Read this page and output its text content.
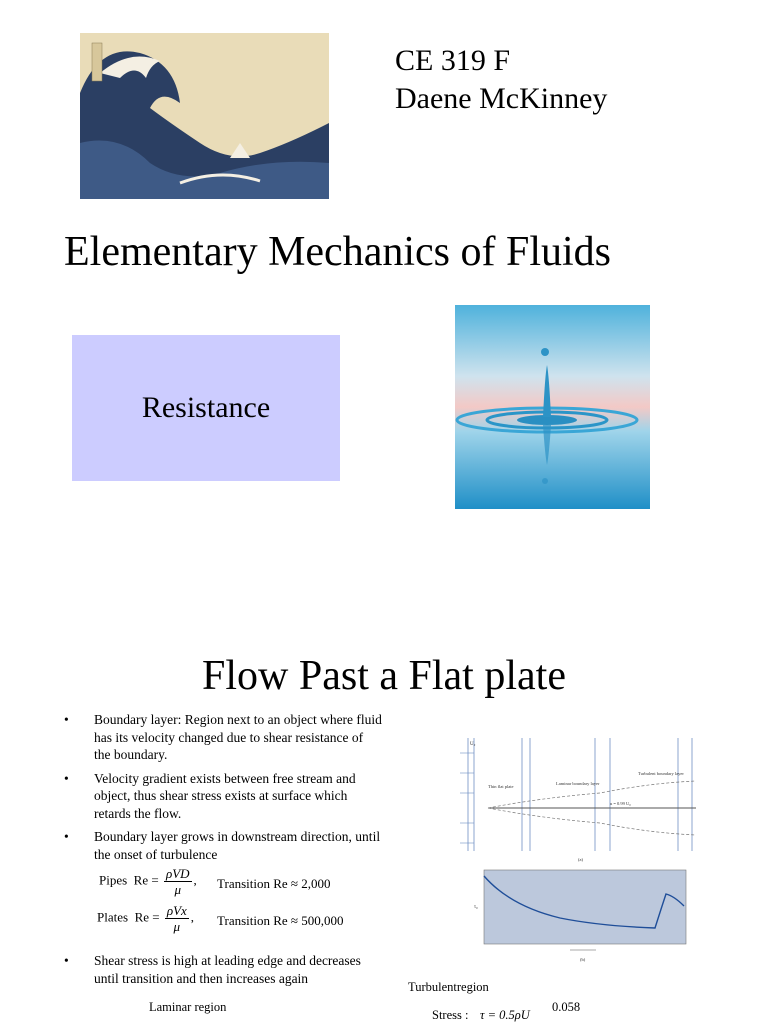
CE 319 F
Daene McKinney
Elementary Mechanics of Fluids
Resistance
Flow Past a Flat plate
• Boundary layer: Region next to an object where fluid has its velocity changed due to shear resistance of the boundary.
• Velocity gradient exists between free stream and object, thus shear stress exists at surface which retards the flow.
• Boundary layer grows in downstream direction, until the onset of turbulence
Pipes $Re = \frac{\text{ρVD}}{\mu}$ , Transition Re ≈ 2,000
Plates $Re = \frac{\text{ρVx}}{\mu}$ , Transition Re ≈ 500,000
•	Shear stress is high at leading edge and decreases until transition and then increases again
Laminar region
U₀
Thin flat plate
Laminar boundary layer
Turbulent boundary layer
u = 0.99 U₀
(a)
τ₀
(b)
Turbulentregion
Stress : τ = 0.5ρU
0.058
